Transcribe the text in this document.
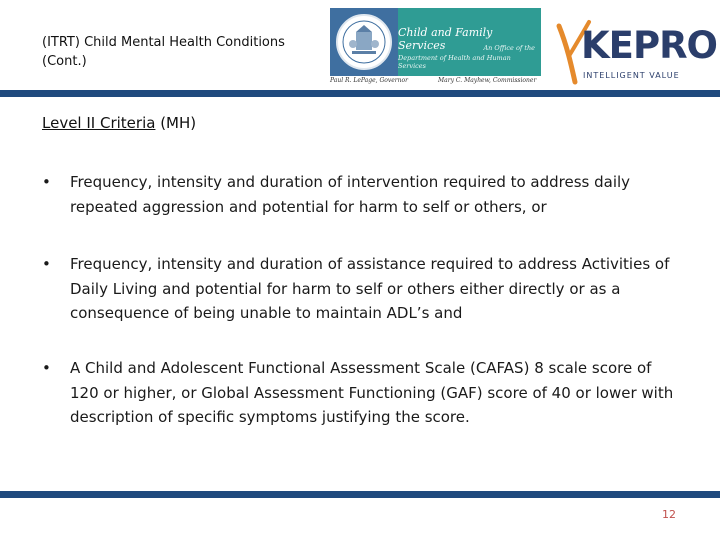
(ITRT) Child Mental Health Conditions
(Cont.)
Child and Family Services	An Office of the
Department of Health and Human Services
Paul R. LePage, Governor	Mary C. Mayhew, Commissioner
KEPRO
INTELLIGENT VALUE
Level II Criteria (MH)
• Frequency, intensity and duration of intervention required to address daily repeated aggression and potential for harm to self or others, or
• Frequency, intensity and duration of assistance required to address Activities of Daily Living and potential for harm to self or others either directly or as a consequence of being unable to maintain ADL’s and
• A Child and Adolescent Functional Assessment Scale (CAFAS) 8 scale score of 120 or higher, or Global Assessment Functioning (GAF) score of 40 or lower with description of specific symptoms justifying the score.
12
